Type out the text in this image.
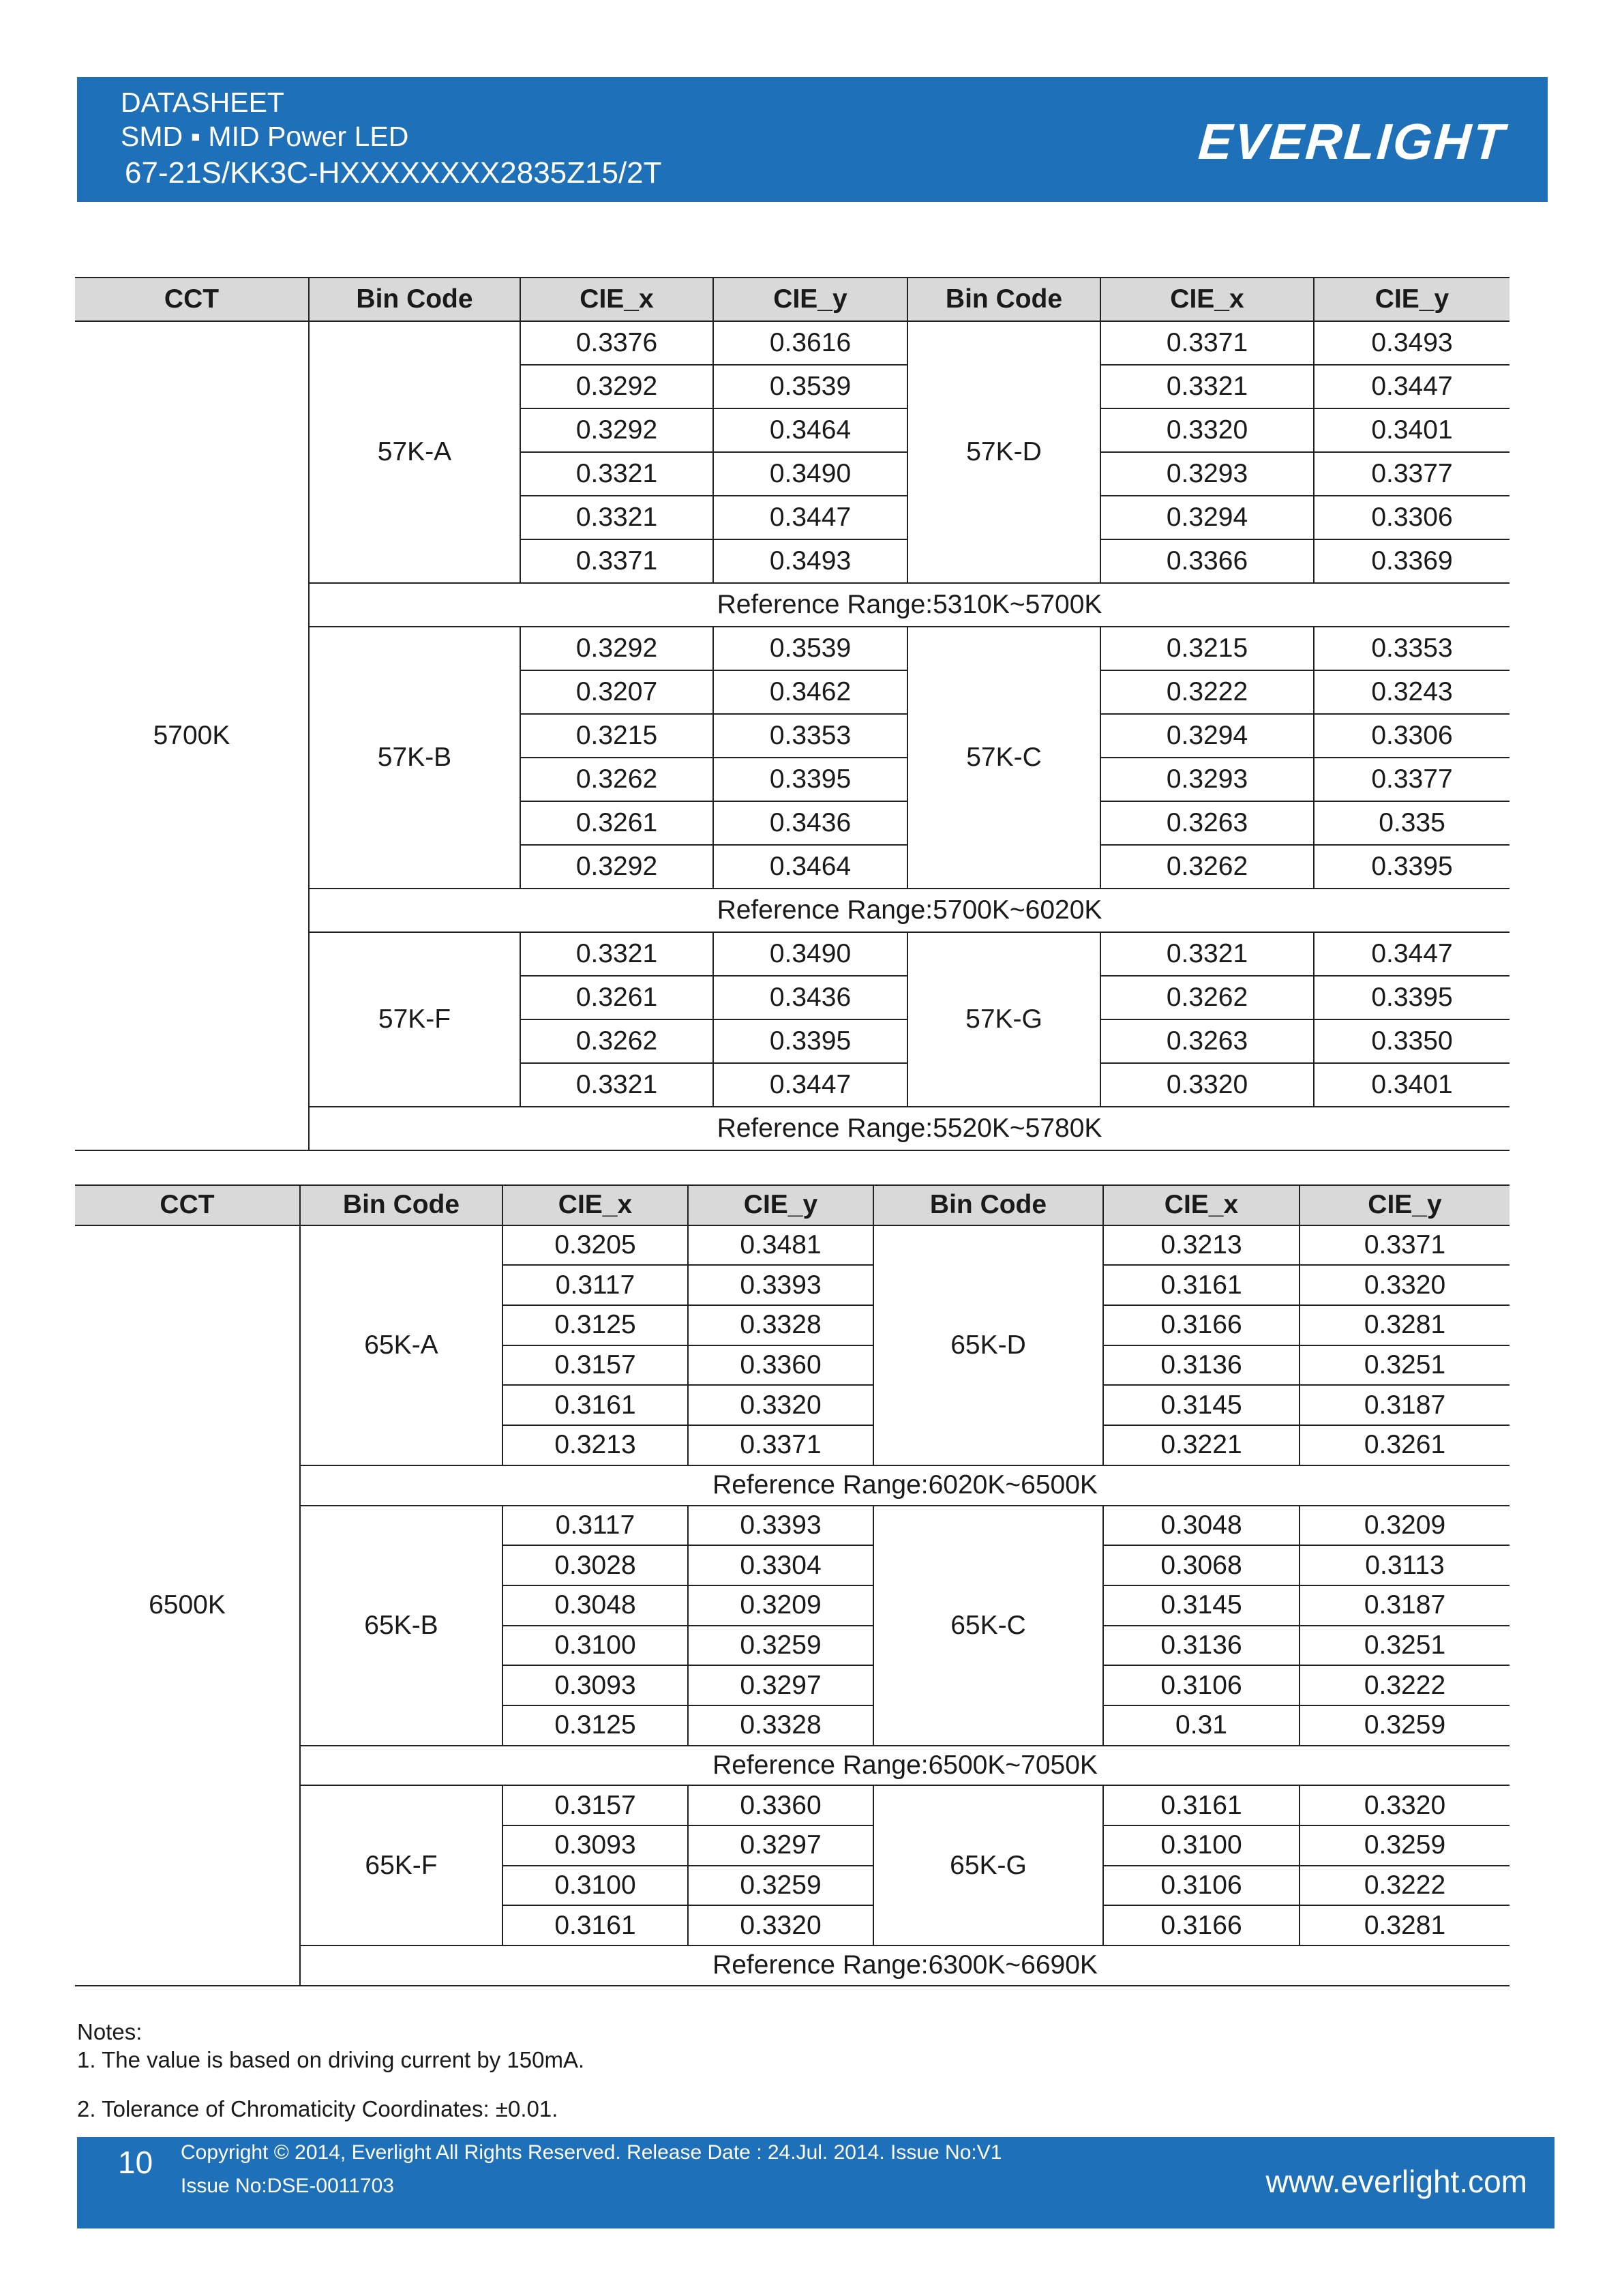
DATASHEET
SMD ▪ MID Power LED
67-21S/KK3C-HXXXXXXXX2835Z15/2T
EVERLIGHT
CCT	Bin Code	CIE_x	CIE_y	Bin Code	CIE_x	CIE_y
5700K	57K-A	0.3376	0.3616	57K-D	0.3371	0.3493
		0.3292	0.3539		0.3321	0.3447
		0.3292	0.3464		0.3320	0.3401
		0.3321	0.3490		0.3293	0.3377
		0.3321	0.3447		0.3294	0.3306
		0.3371	0.3493		0.3366	0.3369
	Reference Range:5310K~5700K					
	57K-B	0.3292	0.3539	57K-C	0.3215	0.3353
		0.3207	0.3462		0.3222	0.3243
		0.3215	0.3353		0.3294	0.3306
		0.3262	0.3395		0.3293	0.3377
		0.3261	0.3436		0.3263	0.335
		0.3292	0.3464		0.3262	0.3395
	Reference Range:5700K~6020K					
	57K-F	0.3321	0.3490	57K-G	0.3321	0.3447
		0.3261	0.3436		0.3262	0.3395
		0.3262	0.3395		0.3263	0.3350
		0.3321	0.3447		0.3320	0.3401
	Reference Range:5520K~5780K					
CCT	Bin Code	CIE_x	CIE_y	Bin Code	CIE_x	CIE_y
6500K	65K-A	0.3205	0.3481	65K-D	0.3213	0.3371
		0.3117	0.3393		0.3161	0.3320
		0.3125	0.3328		0.3166	0.3281
		0.3157	0.3360		0.3136	0.3251
		0.3161	0.3320		0.3145	0.3187
		0.3213	0.3371		0.3221	0.3261
	Reference Range:6020K~6500K					
	65K-B	0.3117	0.3393	65K-C	0.3048	0.3209
		0.3028	0.3304		0.3068	0.3113
		0.3048	0.3209		0.3145	0.3187
		0.3100	0.3259		0.3136	0.3251
		0.3093	0.3297		0.3106	0.3222
		0.3125	0.3328		0.31	0.3259
	Reference Range:6500K~7050K					
	65K-F	0.3157	0.3360	65K-G	0.3161	0.3320
		0.3093	0.3297		0.3100	0.3259
		0.3100	0.3259		0.3106	0.3222
		0.3161	0.3320		0.3166	0.3281
	Reference Range:6300K~6690K					
Notes:
1. The value is based on driving current by 150mA.
2. Tolerance of Chromaticity Coordinates: ±0.01.
10 Copyright © 2014, Everlight All Rights Reserved. Release Date : 24.Jul. 2014. Issue No:V1
Issue No:DSE-0011703	www.everlight.com
